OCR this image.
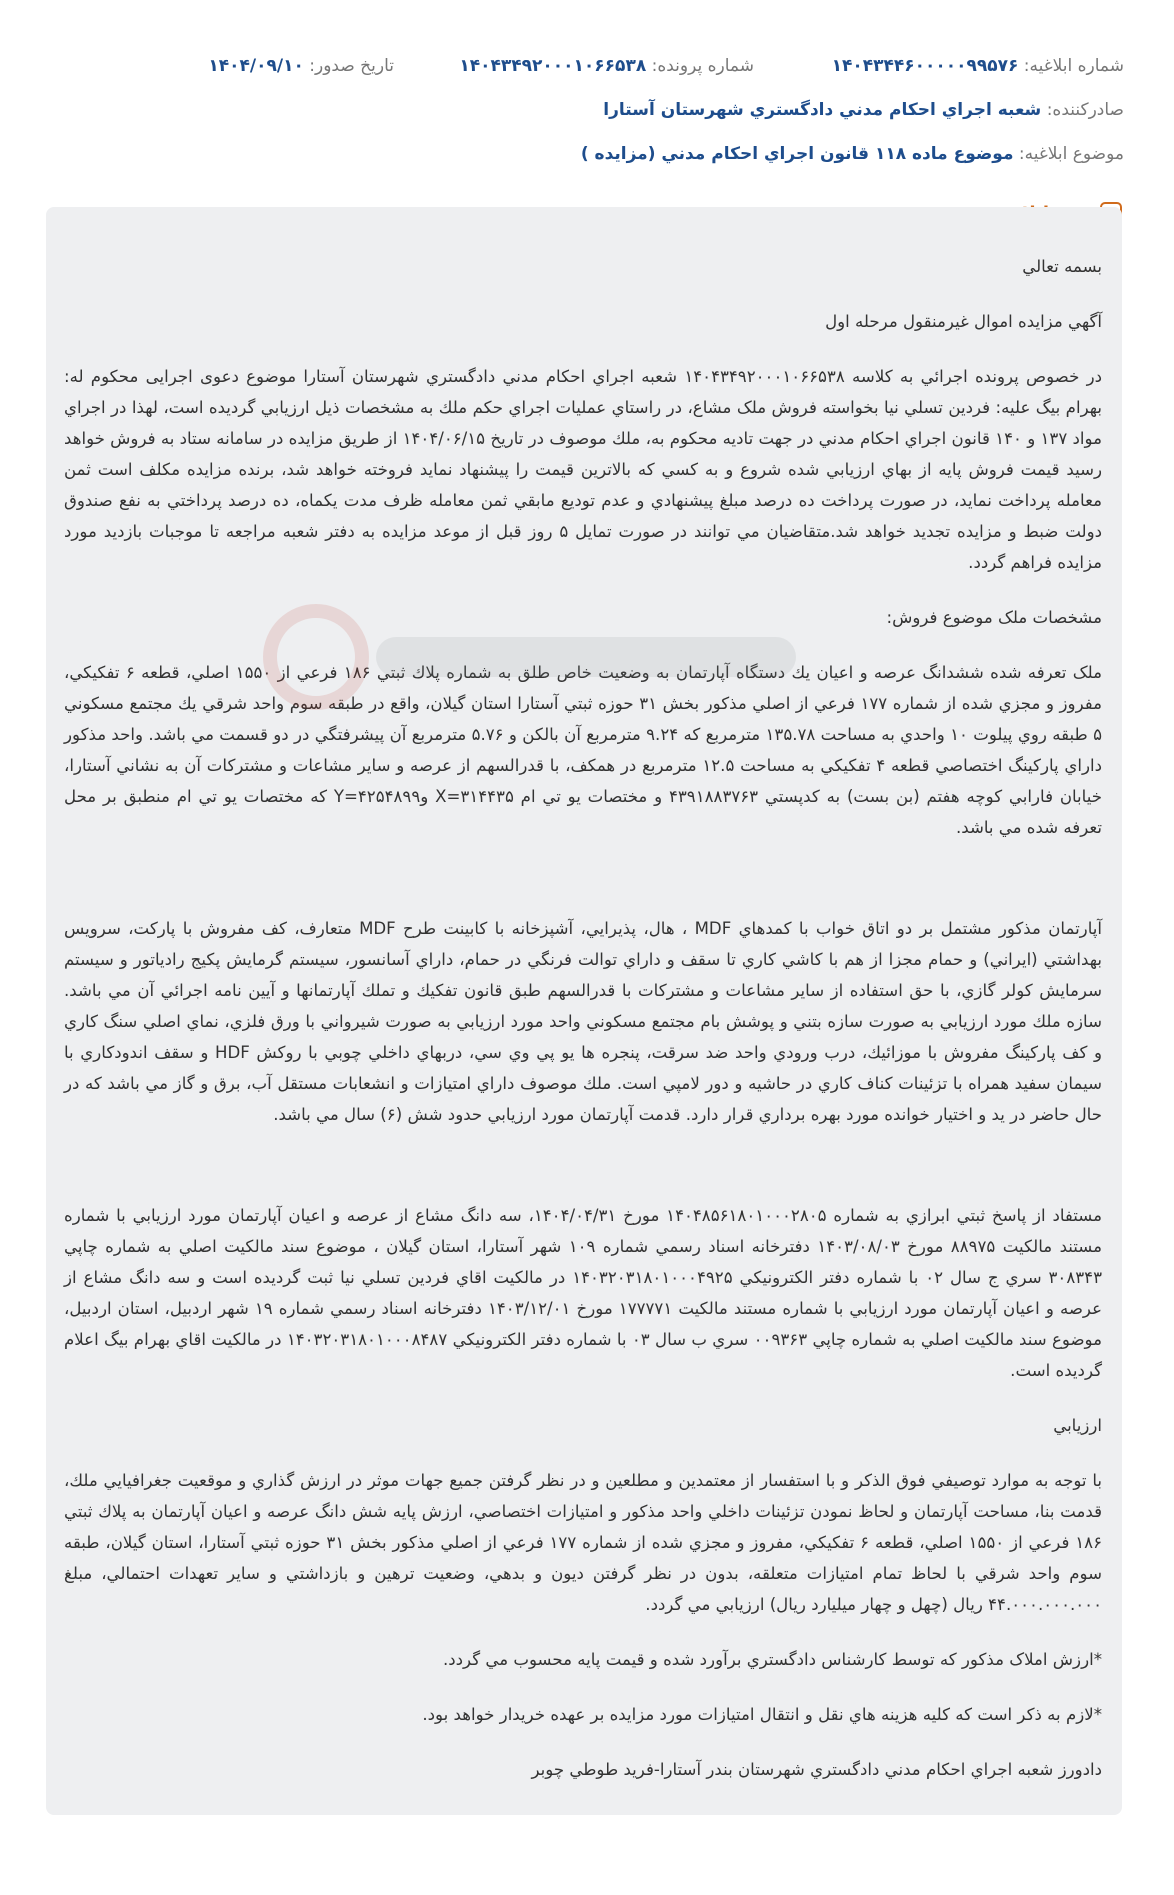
شماره ابلاغيه: ۱۴۰۴۳۴۴۶۰۰۰۰۰۹۹۵۷۶
شماره پرونده: ۱۴۰۴۳۴۹۲۰۰۰۱۰۶۶۵۳۸
تاريخ صدور: ۱۴۰۴/۰۹/۱۰
صادرکننده: شعبه اجراي احكام مدني دادگستري شهرستان آستارا
موضوع ابلاغيه: موضوع ماده ۱۱۸ قانون اجراي احکام مدني (مزايده )

بسمه تعالي

آگهي مزايده اموال غيرمنقول مرحله اول

در خصوص پرونده اجرائي به كلاسه ۱۴۰۴۳۴۹۲۰۰۰۱۰۶۶۵۳۸ شعبه اجراي احكام مدني دادگستري شهرستان آستارا موضوع دعوی اجرايی محکوم له: بهرام بيگ عليه: فردين تسلي نيا بخواسته فروش ملک مشاع، در راستاي عمليات اجراي حکم ملك به مشخصات ذيل ارزيابي گرديده است، لهذا در اجراي مواد ۱۳۷ و ۱۴۰ قانون اجراي احكام مدني در جهت تاديه محكوم به، ملك موصوف در تاريخ ۱۴۰۴/۰۶/۱۵ از طريق مزايده در سامانه ستاد به فروش خواهد رسيد قيمت فروش پايه از بهاي ارزيابي شده شروع و به كسي كه بالاترين قيمت را پيشنهاد نمايد فروخته خواهد شد، برنده مزايده مكلف است ثمن معامله پرداخت نمايد، در صورت پرداخت ده درصد مبلغ پيشنهادي و عدم توديع مابقي ثمن معامله ظرف مدت يكماه، ده درصد پرداختي به نفع صندوق دولت ضبط و مزايده تجديد خواهد شد.متقاضيان مي توانند در صورت تمايل ۵ روز قبل از موعد مزايده به دفتر شعبه مراجعه تا موجبات بازديد مورد مزايده فراهم گردد.

مشخصات ملک موضوع فروش:

ملک تعرفه شده ششدانگ عرصه و اعيان يك دستگاه آپارتمان به وضعيت خاص طلق به شماره پلاك ثبتي ۱۸۶ فرعي از ۱۵۵۰ اصلي، قطعه ۶ تفکيکي، مفروز و مجزي شده از شماره ۱۷۷ فرعي از اصلي مذكور بخش ۳۱ حوزه ثبتي آستارا استان گيلان، واقع در طبقه سوم واحد شرقي يك مجتمع مسكوني ۵ طبقه روي پيلوت ۱۰ واحدي به مساحت ۱۳۵.۷۸ مترمربع که ۹.۲۴ مترمربع آن بالكن و ۵.۷۶ مترمربع آن پيشرفتگي در دو قسمت مي باشد. واحد مذكور داراي پاركينگ اختصاصي قطعه ۴ تفکيکي به مساحت ۱۲.۵ مترمربع در همكف، با قدرالسهم از عرصه و ساير مشاعات و مشتركات آن به نشاني آستارا، خيابان فارابي كوچه هفتم (بن بست) به كدپستي ۴۳۹۱۸۸۳۷۶۳ و مختصات يو تي ام X=۳۱۴۴۳۵ وY=۴۲۵۴۸۹۹ كه مختصات يو تي ام منطبق بر محل تعرفه شده مي باشد.

آپارتمان مذكور مشتمل بر دو اتاق خواب با كمدهاي MDF ، هال، پذيرايي، آشپزخانه با كابينت طرح MDF متعارف، كف مفروش با پاركت، سرويس بهداشتي (ايراني) و حمام مجزا از هم با كاشي كاري تا سقف و داراي توالت فرنگي در حمام، داراي آسانسور، سيستم گرمايش پكيج رادياتور و سيستم سرمايش كولر گازي، با حق استفاده از ساير مشاعات و مشتركات با قدرالسهم طبق قانون تفكيك و تملك آپارتمانها و آيين نامه اجرائي آن مي باشد. سازه ملك مورد ارزيابي به صورت سازه بتني و پوشش بام مجتمع مسكوني واحد مورد ارزيابي به صورت شيرواني با ورق فلزي، نماي اصلي سنگ كاري و كف پاركينگ مفروش با موزائيك، درب ورودي واحد ضد سرقت، پنجره ها يو پي وي سي، دربهاي داخلي چوبي با روكش HDF و سقف اندودكاري با سيمان سفيد همراه با تزئينات كناف كاري در حاشيه و دور لامپي است. ملك موصوف داراي امتيازات و انشعابات مستقل آب، برق و گاز مي باشد كه در حال حاضر در يد و اختيار خوانده مورد بهره برداري قرار دارد. قدمت آپارتمان مورد ارزيابي حدود شش (۶) سال مي باشد.

مستفاد از پاسخ ثبتي ابرازي به شماره ۱۴۰۴۸۵۶۱۸۰۱۰۰۰۲۸۰۵ مورخ ۱۴۰۴/۰۴/۳۱، سه دانگ مشاع از عرصه و اعيان آپارتمان مورد ارزيابي با شماره مستند مالكيت ۸۸۹۷۵ مورخ ۱۴۰۳/۰۸/۰۳ دفترخانه اسناد رسمي شماره ۱۰۹ شهر آستارا، استان گيلان ، موضوع سند مالكيت اصلي به شماره چاپي ۳۰۸۳۴۳ سري ج سال ۰۲ با شماره دفتر الكترونيكي ۱۴۰۳۲۰۳۱۸۰۱۰۰۰۴۹۲۵ در مالكيت اقاي فردين تسلي نيا ثبت گرديده است و سه دانگ مشاع از عرصه و اعيان آپارتمان مورد ارزيابي با شماره مستند مالكيت ۱۷۷۷۷۱ مورخ ۱۴۰۳/۱۲/۰۱ دفترخانه اسناد رسمي شماره ۱۹ شهر اردبيل، استان اردبيل، موضوع سند مالكيت اصلي به شماره چاپي ۰۰۹۳۶۳ سري ب سال ۰۳ با شماره دفتر الكترونيكي ۱۴۰۳۲۰۳۱۸۰۱۰۰۰۸۴۸۷ در مالكيت اقاي بهرام بيگ اعلام گرديده است.

ارزيابي

با توجه به موارد توصيفي فوق الذكر و با استفسار از معتمدين و مطلعين و در نظر گرفتن جميع جهات موثر در ارزش گذاري و موقعيت جغرافيايي ملك، قدمت بنا، مساحت آپارتمان و لحاظ نمودن تزئينات داخلي واحد مذكور و امتيازات اختصاصي، ارزش پايه شش دانگ عرصه و اعيان آپارتمان به پلاك ثبتي ۱۸۶ فرعي از ۱۵۵۰ اصلي، قطعه ۶ تفکيکي، مفروز و مجزي شده از شماره ۱۷۷ فرعي از اصلي مذكور بخش ۳۱ حوزه ثبتي آستارا، استان گيلان، طبقه سوم واحد شرقي با لحاظ تمام امتيازات متعلقه، بدون در نظر گرفتن ديون و بدهي، وضعيت ترهين و بازداشتي و ساير تعهدات احتمالي، مبلغ ۴۴.۰۰۰.۰۰۰.۰۰۰ ريال (چهل و چهار ميليارد ريال) ارزيابي مي گردد.

*ارزش املاک مذکور که توسط کارشناس دادگستري برآورد شده و قيمت پايه محسوب مي گردد.

*لازم به ذکر است که کليه هزينه هاي نقل و انتقال امتيازات مورد مزايده بر عهده خريدار خواهد بود.

دادورز شعبه اجراي احکام مدني دادگستري شهرستان بندر آستارا-فريد طوطي چوبر
